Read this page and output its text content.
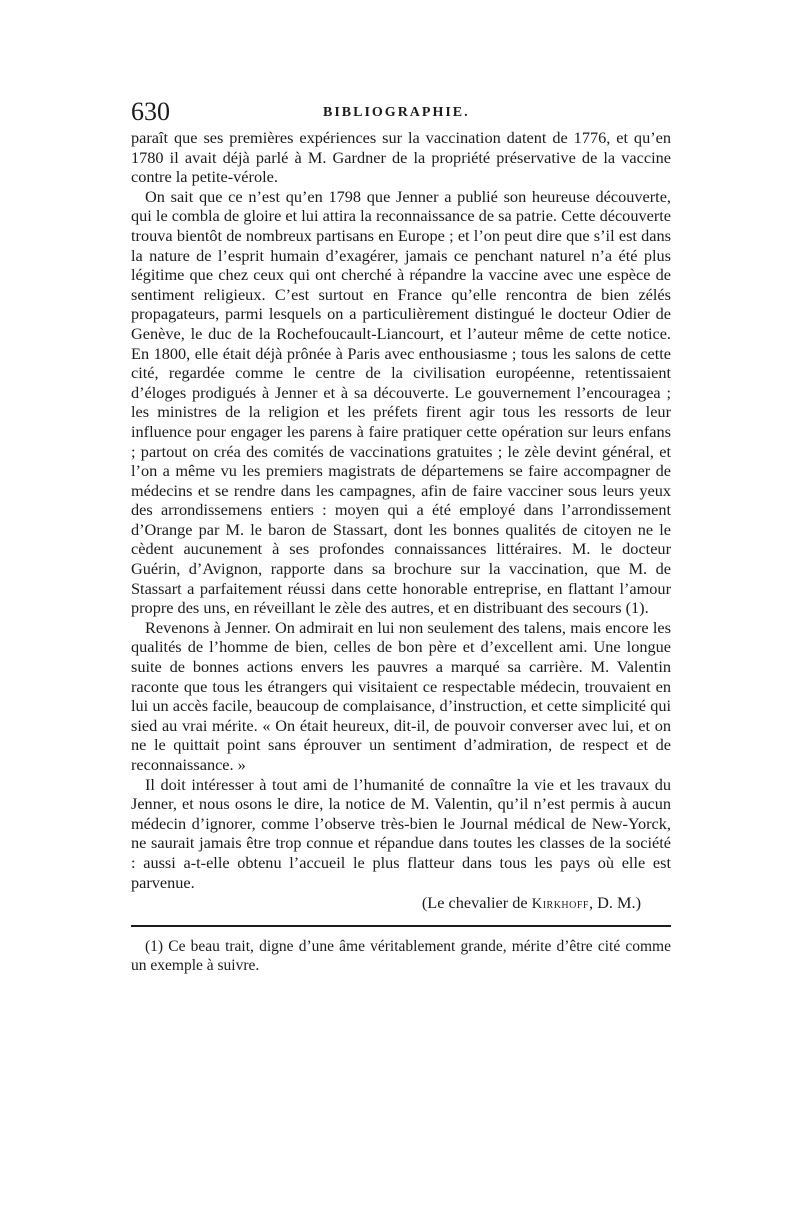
630	BIBLIOGRAPHIE.

paraît que ses premières expériences sur la vaccination datent de 1776, et qu’en 1780 il avait déjà parlé à M. Gardner de la propriété préservative de la vaccine contre la petite-vérole.

On sait que ce n’est qu’en 1798 que Jenner a publié son heureuse découverte, qui le combla de gloire et lui attira la reconnaissance de sa patrie. Cette découverte trouva bientôt de nombreux partisans en Europe ; et l’on peut dire que s’il est dans la nature de l’esprit humain d’exagérer, jamais ce penchant naturel n’a été plus légitime que chez ceux qui ont cherché à répandre la vaccine avec une espèce de sentiment religieux. C’est surtout en France qu’elle rencontra de bien zélés propagateurs, parmi lesquels on a particulièrement distingué le docteur Odier de Genève, le duc de la Rochefoucault-Liancourt, et l’auteur même de cette notice. En 1800, elle était déjà prônée à Paris avec enthousiasme ; tous les salons de cette cité, regardée comme le centre de la civilisation européenne, retentissaient d’éloges prodigués à Jenner et à sa découverte. Le gouvernement l’encouragea ; les ministres de la religion et les préfets firent agir tous les ressorts de leur influence pour engager les parens à faire pratiquer cette opération sur leurs enfans ; partout on créa des comités de vaccinations gratuites ; le zèle devint général, et l’on a même vu les premiers magistrats de départemens se faire accompagner de médecins et se rendre dans les campagnes, afin de faire vacciner sous leurs yeux des arrondissemens entiers : moyen qui a été employé dans l’arrondissement d’Orange par M. le baron de Stassart, dont les bonnes qualités de citoyen ne le cèdent aucunement à ses profondes connaissances littéraires. M. le docteur Guérin, d’Avignon, rapporte dans sa brochure sur la vaccination, que M. de Stassart a parfaitement réussi dans cette honorable entreprise, en flattant l’amour propre des uns, en réveillant le zèle des autres, et en distribuant des secours (1).

Revenons à Jenner. On admirait en lui non seulement des talens, mais encore les qualités de l’homme de bien, celles de bon père et d’excellent ami. Une longue suite de bonnes actions envers les pauvres a marqué sa carrière. M. Valentin raconte que tous les étrangers qui visitaient ce respectable médecin, trouvaient en lui un accès facile, beaucoup de complaisance, d’instruction, et cette simplicité qui sied au vrai mérite. « On était heureux, dit-il, de pouvoir converser avec lui, et on ne le quittait point sans éprouver un sentiment d’admiration, de respect et de reconnaissance. »

Il doit intéresser à tout ami de l’humanité de connaître la vie et les travaux du Jenner, et nous osons le dire, la notice de M. Valentin, qu’il n’est permis à aucun médecin d’ignorer, comme l’observe très-bien le Journal médical de New-Yorck, ne saurait jamais être trop connue et répandue dans toutes les classes de la société : aussi a-t-elle obtenu l’accueil le plus flatteur dans tous les pays où elle est parvenue.

(Le chevalier de Kirkhoff, D. M.)

(1) Ce beau trait, digne d’une âme véritablement grande, mérite d’être cité comme un exemple à suivre.
